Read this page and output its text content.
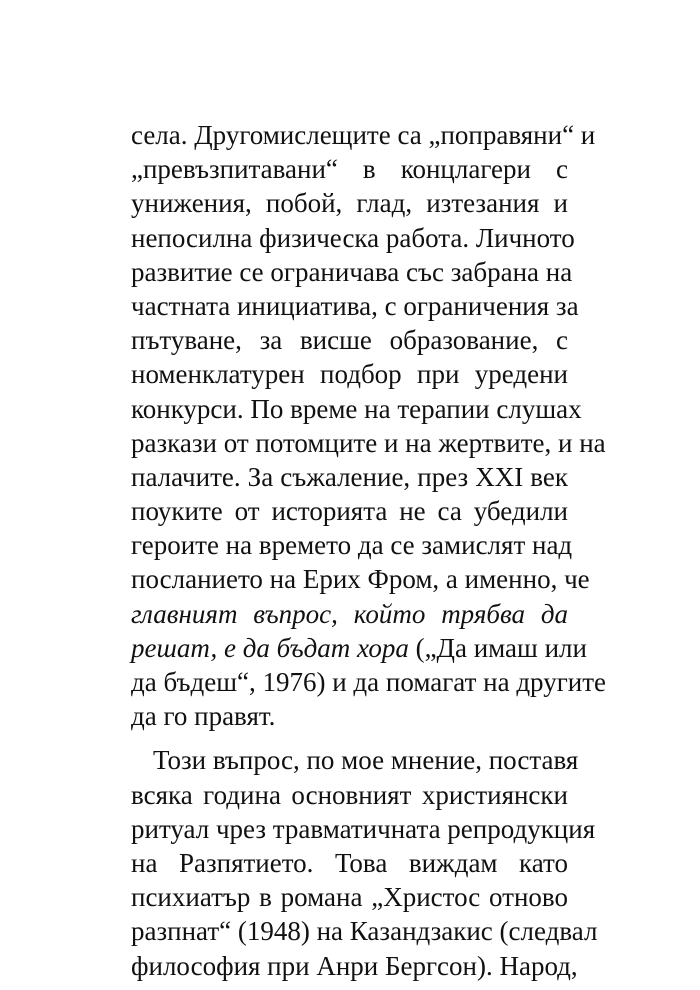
села. Другомислещите са „поправяни“ и
„превъзпитавани“ в концлагери с
унижения, побой, глад, изтезания и
непосилна физическа работа. Личното
развитие се ограничава със забрана на
частната инициатива, с ограничения за
пътуване, за висше образование, с
номенклатурен подбор при уредени
конкурси. По време на терапии слушах
разкази от потомците и на жертвите, и на
палачите. За съжаление, през XXI век
поуките от историята не са убедили
героите на времето да се замислят над
посланието на Ерих Фром, а именно, че
главният въпрос, който трябва да
решат, е да бъдат хора („Да имаш или
да бъдеш“, 1976) и да помагат на другите
да го правят.
Този въпрос, по мое мнение, поставя
всяка година основният християнски
ритуал чрез травматичната репродукция
на Разпятието. Това виждам като
психиатър в романа „Христос отново
разпнат“ (1948) на Казандзакис (следвал
философия при Анри Бергсон). Народ,
